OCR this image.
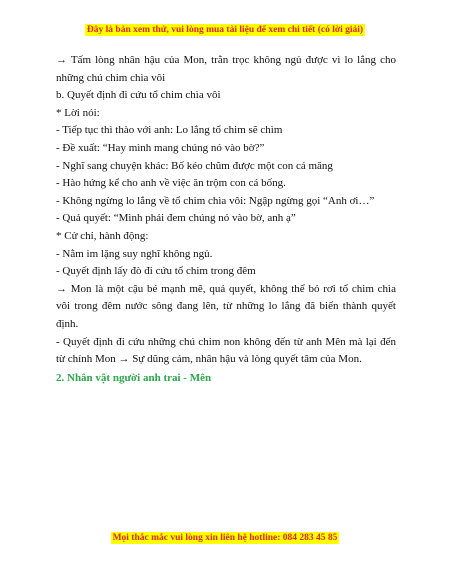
Đây là bản xem thử, vui lòng mua tài liệu để xem chi tiết (có lời giải)

→ Tấm lòng nhân hậu của Mon, trằn trọc không ngủ được vì lo lắng cho những chú chim chìa vôi

b. Quyết định đi cứu tổ chim chìa vôi

* Lời nói:

- Tiếp tục thì thào với anh: Lo lắng tổ chim sẽ chìm

- Đề xuất: “Hay mình mang chúng nó vào bờ?”

- Nghĩ sang chuyện khác: Bố kéo chũm được một con cá măng

- Hào hứng kể cho anh về việc ăn trộm con cá bống.

- Không ngừng lo lắng về tổ chim chìa vôi: Ngập ngừng gọi “Anh ơi…”

- Quả quyết: “Mình phải đem chúng nó vào bờ, anh ạ”

* Cử chỉ, hành động:

- Nằm im lặng suy nghĩ không ngủ.

- Quyết định lấy đò đi cứu tổ chim trong đêm

→ Mon là một cậu bé mạnh mẽ, quả quyết, không thể bỏ rơi tổ chim chìa vôi trong đêm nước sông đang lên, từ những lo lắng đã biến thành quyết định.

- Quyết định đi cứu những chú chim non không đến từ anh Mên mà lại đến từ chính Mon → Sự dũng cảm, nhân hậu và lòng quyết tâm của Mon.

2. Nhân vật người anh trai - Mên
Mọi thắc mắc vui lòng xin liên hệ hotline: 084 283 45 85
